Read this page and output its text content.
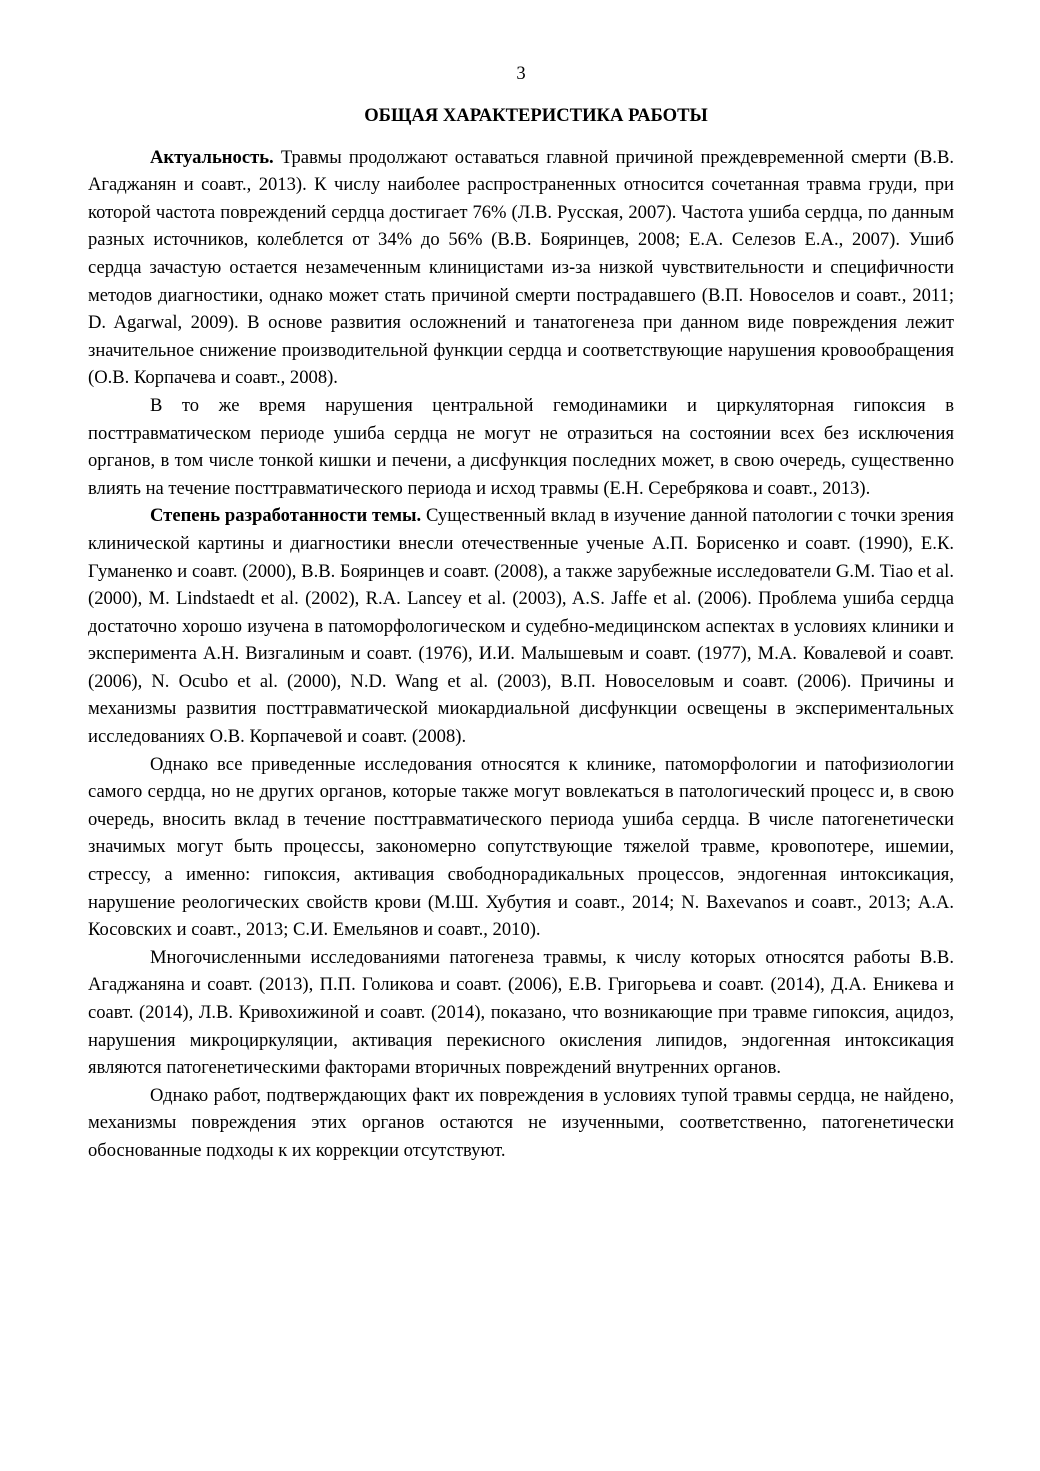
3
ОБЩАЯ ХАРАКТЕРИСТИКА РАБОТЫ

Актуальность. Травмы продолжают оставаться главной причиной преждевременной смерти (В.В. Агаджанян и соавт., 2013). К числу наиболее распространенных относится сочетанная травма груди, при которой частота повреждений сердца достигает 76% (Л.В. Русская, 2007). Частота ушиба сердца, по данным разных источников, колеблется от 34% до 56% (В.В. Бояринцев, 2008; Е.А. Селезов Е.А., 2007). Ушиб сердца зачастую остается незамеченным клиницистами из-за низкой чувствительности и специфичности методов диагностики, однако может стать причиной смерти пострадавшего (В.П. Новоселов и соавт., 2011; D. Agarwal, 2009). В основе развития осложнений и танатогенеза при данном виде повреждения лежит значительное снижение производительной функции сердца и соответствующие нарушения кровообращения (О.В. Корпачева и соавт., 2008).

В то же время нарушения центральной гемодинамики и циркуляторная гипоксия в посттравматическом периоде ушиба сердца не могут не отразиться на состоянии всех без исключения органов, в том числе тонкой кишки и печени, а дисфункция последних может, в свою очередь, существенно влиять на течение посттравматического периода и исход травмы (Е.Н. Серебрякова и соавт., 2013).

Степень разработанности темы. Существенный вклад в изучение данной патологии с точки зрения клинической картины и диагностики внесли отечественные ученые А.П. Борисенко и соавт. (1990), Е.К. Гуманенко и соавт. (2000), В.В. Бояринцев и соавт. (2008), а также зарубежные исследователи G.M. Tiao et al. (2000), M. Lindstaedt et al. (2002), R.A. Lancey et al. (2003), A.S. Jaffe et al. (2006). Проблема ушиба сердца достаточно хорошо изучена в патоморфологическом и судебно-медицинском аспектах в условиях клиники и эксперимента А.Н. Визгалиным и соавт. (1976), И.И. Малышевым и соавт. (1977), М.А. Ковалевой и соавт. (2006), N. Ocubo et al. (2000), N.D. Wang et al. (2003), В.П. Новоселовым и соавт. (2006). Причины и механизмы развития посттравматической миокардиальной дисфункции освещены в экспериментальных исследованиях О.В. Корпачевой и соавт. (2008).

Однако все приведенные исследования относятся к клинике, патоморфологии и патофизиологии самого сердца, но не других органов, которые также могут вовлекаться в патологический процесс и, в свою очередь, вносить вклад в течение посттравматического периода ушиба сердца. В числе патогенетически значимых могут быть процессы, закономерно сопутствующие тяжелой травме, кровопотере, ишемии, стрессу, а именно: гипоксия, активация свободнорадикальных процессов, эндогенная интоксикация, нарушение реологических свойств крови (М.Ш. Хубутия и соавт., 2014; N. Baxevanos и соавт., 2013; А.А. Косовских и соавт., 2013; С.И. Емельянов и соавт., 2010).

Многочисленными исследованиями патогенеза травмы, к числу которых относятся работы В.В. Агаджаняна и соавт. (2013), П.П. Голикова и соавт. (2006), Е.В. Григорьева и соавт. (2014), Д.А. Еникева и соавт. (2014), Л.В. Кривохижиной и соавт. (2014), показано, что возникающие при травме гипоксия, ацидоз, нарушения микроциркуляции, активация перекисного окисления липидов, эндогенная интоксикация являются патогенетическими факторами вторичных повреждений внутренних органов.

Однако работ, подтверждающих факт их повреждения в условиях тупой травмы сердца, не найдено, механизмы повреждения этих органов остаются не изученными, соответственно, патогенетически обоснованные подходы к их коррекции отсутствуют.
